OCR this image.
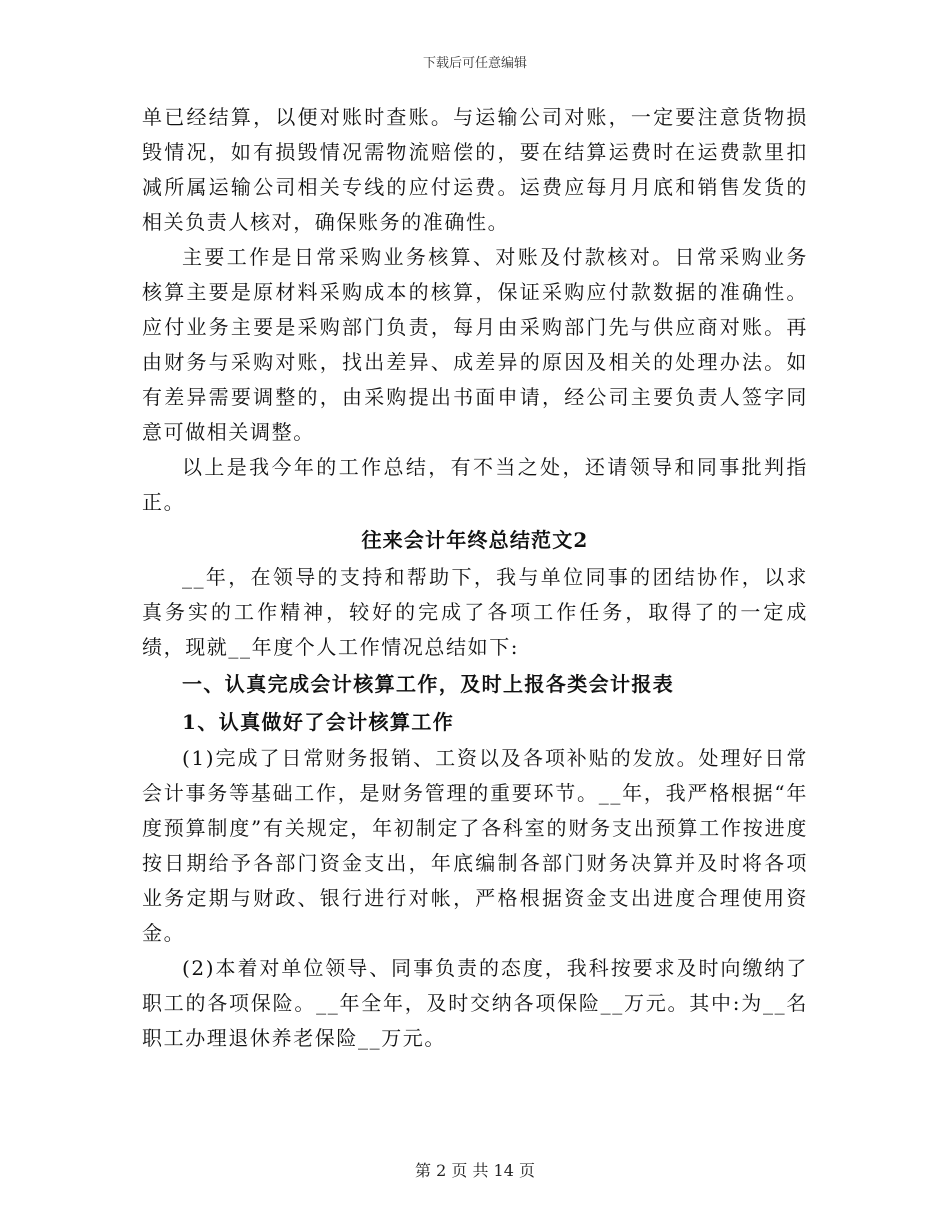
下载后可任意编辑

单已经结算，以便对账时查账。与运输公司对账，一定要注意货物损毁情况，如有损毁情况需物流赔偿的，要在结算运费时在运费款里扣减所属运输公司相关专线的应付运费。运费应每月月底和销售发货的相关负责人核对，确保账务的准确性。

主要工作是日常采购业务核算、对账及付款核对。日常采购业务核算主要是原材料采购成本的核算，保证采购应付款数据的准确性。应付业务主要是采购部门负责，每月由采购部门先与供应商对账。再由财务与采购对账，找出差异、成差异的原因及相关的处理办法。如有差异需要调整的，由采购提出书面申请，经公司主要负责人签字同意可做相关调整。

以上是我今年的工作总结，有不当之处，还请领导和同事批判指正。

往来会计年终总结范文2

__年，在领导的支持和帮助下，我与单位同事的团结协作，以求真务实的工作精神，较好的完成了各项工作任务，取得了的一定成绩，现就__年度个人工作情况总结如下:

一、认真完成会计核算工作，及时上报各类会计报表
1、认真做好了会计核算工作

(1)完成了日常财务报销、工资以及各项补贴的发放。处理好日常会计事务等基础工作，是财务管理的重要环节。__年，我严格根据“年度预算制度”有关规定，年初制定了各科室的财务支出预算工作按进度按日期给予各部门资金支出，年底编制各部门财务决算并及时将各项业务定期与财政、银行进行对帐，严格根据资金支出进度合理使用资金。

(2)本着对单位领导、同事负责的态度，我科按要求及时向缴纳了职工的各项保险。__年全年，及时交纳各项保险__万元。其中:为__名职工办理退休养老保险__万元。

第 2 页 共 14 页
